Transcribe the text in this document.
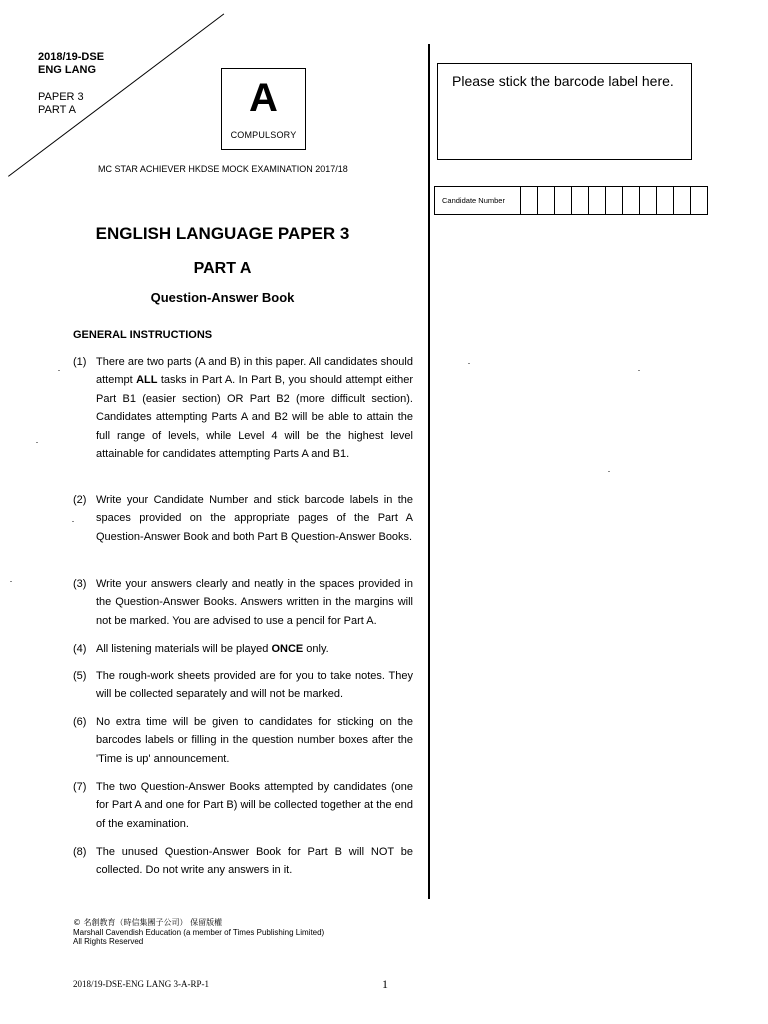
2018/19-DSE
ENG LANG
PAPER 3
PART A	A
COMPULSORY
MC STAR ACHIEVER HKDSE MOCK EXAMINATION 2017/18
ENGLISH LANGUAGE PAPER 3
PART A
Question-Answer Book
GENERAL INSTRUCTIONS
(1) There are two parts (A and B) in this paper. All candidates should attempt ALL tasks in Part A. In Part B, you should attempt either Part B1 (easier section) OR Part B2 (more difficult section). Candidates attempting Parts A and B2 will be able to attain the full range of levels, while Level 4 will be the highest level attainable for candidates attempting Parts A and B1.
(2) Write your Candidate Number and stick barcode labels in the spaces provided on the appropriate pages of the Part A Question-Answer Book and both Part B Question-Answer Books.
(3) Write your answers clearly and neatly in the spaces provided in the Question-Answer Books. Answers written in the margins will not be marked. You are advised to use a pencil for Part A.
(4) All listening materials will be played ONCE only.
(5) The rough-work sheets provided are for you to take notes. They will be collected separately and will not be marked.
(6) No extra time will be given to candidates for sticking on the barcodes labels or filling in the question number boxes after the 'Time is up' announcement.
(7) The two Question-Answer Books attempted by candidates (one for Part A and one for Part B) will be collected together at the end of the examination.
(8) The unused Question-Answer Book for Part B will NOT be collected. Do not write any answers in it.
Please stick the barcode label here.
Candidate Number
© 名創教育（時信集團子公司） 保留版權
Marshall Cavendish Education (a member of Times Publishing Limited)
All Rights Reserved
2018/19-DSE-ENG LANG 3-A-RP-1	1
